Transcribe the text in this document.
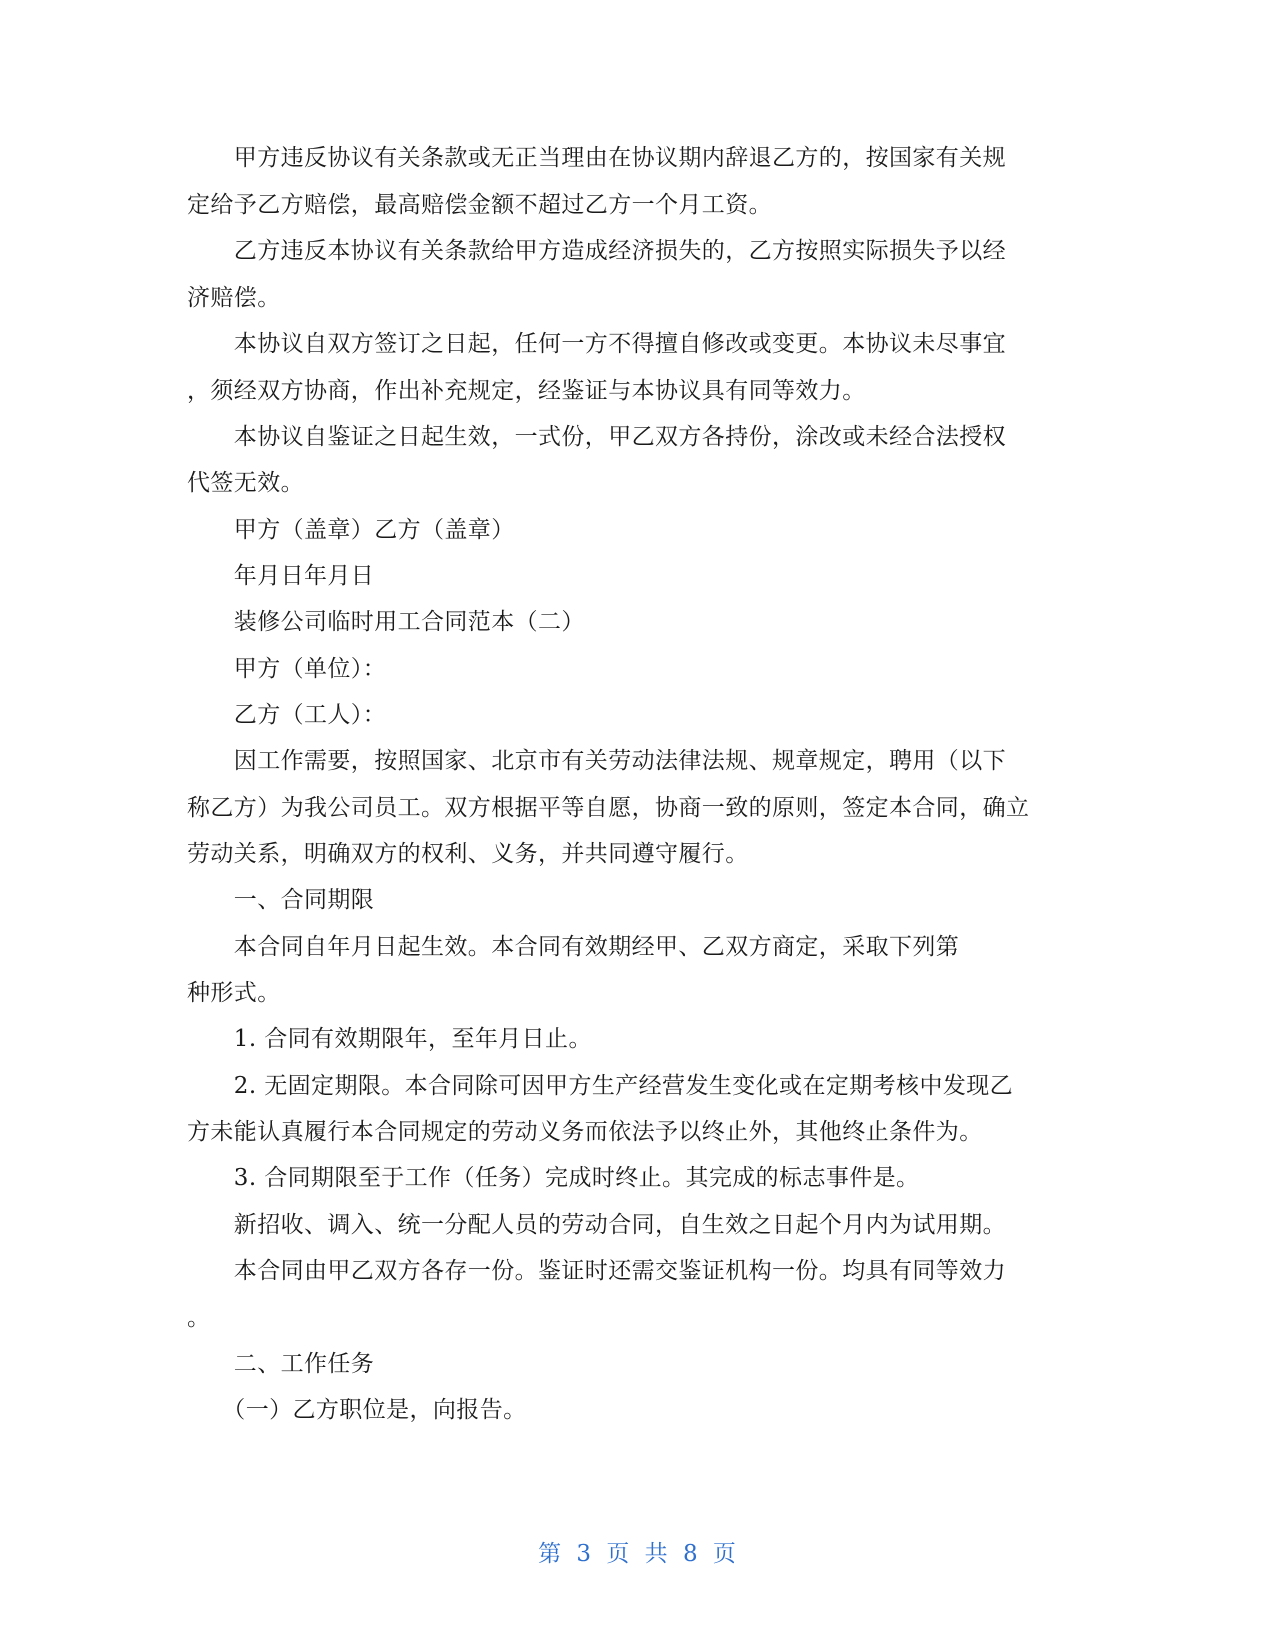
　　甲方违反协议有关条款或无正当理由在协议期内辞退乙方的，按国家有关规
定给予乙方赔偿，最高赔偿金额不超过乙方一个月工资。
　　乙方违反本协议有关条款给甲方造成经济损失的，乙方按照实际损失予以经
济赔偿。
　　本协议自双方签订之日起，任何一方不得擅自修改或变更。本协议未尽事宜
，须经双方协商，作出补充规定，经鉴证与本协议具有同等效力。
　　本协议自鉴证之日起生效，一式份，甲乙双方各持份，涂改或未经合法授权
代签无效。
　　甲方（盖章）乙方（盖章）
　　年月日年月日
　　装修公司临时用工合同范本（二）
　　甲方（单位）：
　　乙方（工人）：
　　因工作需要，按照国家、北京市有关劳动法律法规、规章规定，聘用（以下
称乙方）为我公司员工。双方根据平等自愿，协商一致的原则，签定本合同，确立
劳动关系，明确双方的权利、义务，并共同遵守履行。
　　一、合同期限
　　本合同自年月日起生效。本合同有效期经甲、乙双方商定，采取下列第
种形式。
　　1. 合同有效期限年，至年月日止。
　　2. 无固定期限。本合同除可因甲方生产经营发生变化或在定期考核中发现乙
方未能认真履行本合同规定的劳动义务而依法予以终止外，其他终止条件为。
　　3. 合同期限至于工作（任务）完成时终止。其完成的标志事件是。
　　新招收、调入、统一分配人员的劳动合同，自生效之日起个月内为试用期。
　　本合同由甲乙双方各存一份。鉴证时还需交鉴证机构一份。均具有同等效力
。
　　二、工作任务
　　（一）乙方职位是，向报告。
第 3 页 共 8 页
